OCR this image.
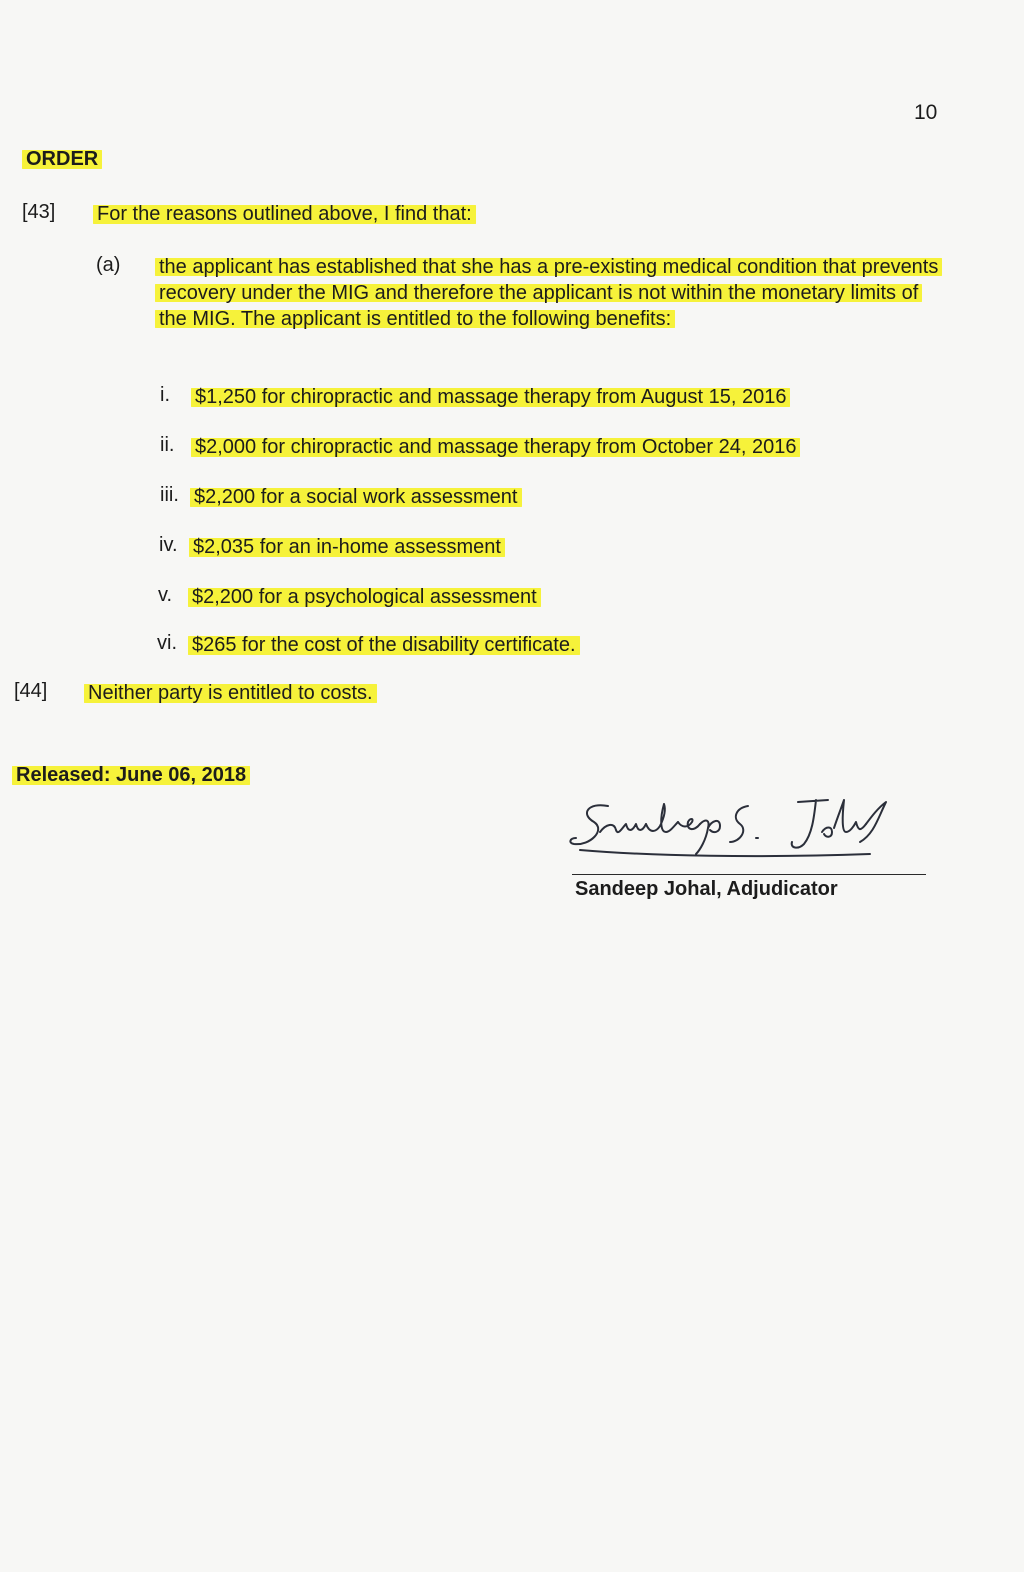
10
ORDER
[43] For the reasons outlined above, I find that:
(a) the applicant has established that she has a pre-existing medical condition that prevents recovery under the MIG and therefore the applicant is not within the monetary limits of the MIG. The applicant is entitled to the following benefits:
i. $1,250 for chiropractic and massage therapy from August 15, 2016
ii. $2,000 for chiropractic and massage therapy from October 24, 2016
iii. $2,200 for a social work assessment
iv. $2,035 for an in-home assessment
v. $2,200 for a psychological assessment
vi. $265 for the cost of the disability certificate.
[44] Neither party is entitled to costs.
Released: June 06, 2018
Sandeep S. Johal
Sandeep Johal, Adjudicator
